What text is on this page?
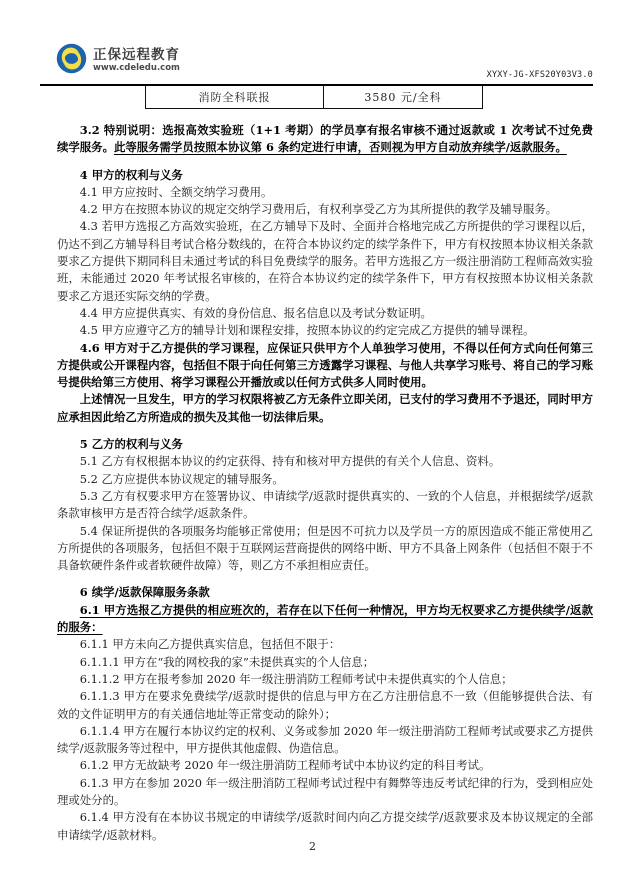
正保远程教育
www.cdeledu.com
XYXY-JG-XFS20Y03V3.0
消防全科联报	3580 元/全科

3.2 特别说明：选报高效实验班（1+1 考期）的学员享有报名审核不通过返款或 1 次考试不过免费续学服务。此等服务需学员按照本协议第 6 条约定进行申请，否则视为甲方自动放弃续学/返款服务。

4 甲方的权利与义务

4.1 甲方应按时、全额交纳学习费用。

4.2 甲方在按照本协议的规定交纳学习费用后，有权利享受乙方为其所提供的教学及辅导服务。

4.3 若甲方选报乙方高效实验班，在乙方辅导下及时、全面并合格地完成乙方所提供的学习课程以后，仍达不到乙方辅导科目考试合格分数线的，在符合本协议约定的续学条件下，甲方有权按照本协议相关条款要求乙方提供下期同科目未通过考试的科目免费续学的服务。若甲方选报乙方一级注册消防工程师高效实验班，未能通过 2020 年考试报名审核的，在符合本协议约定的续学条件下，甲方有权按照本协议相关条款要求乙方退还实际交纳的学费。

4.4 甲方应提供真实、有效的身份信息、报名信息以及考试分数证明。

4.5 甲方应遵守乙方的辅导计划和课程安排，按照本协议的约定完成乙方提供的辅导课程。

4.6 甲方对于乙方提供的学习课程，应保证只供甲方个人单独学习使用，不得以任何方式向任何第三方提供或公开课程内容，包括但不限于向任何第三方透露学习课程、与他人共享学习账号、将自己的学习账号提供给第三方使用、将学习课程公开播放或以任何方式供多人同时使用。

上述情况一旦发生，甲方的学习权限将被乙方无条件立即关闭，已支付的学习费用不予退还，同时甲方应承担因此给乙方所造成的损失及其他一切法律后果。

5 乙方的权利与义务

5.1 乙方有权根据本协议的约定获得、持有和核对甲方提供的有关个人信息、资料。

5.2 乙方应提供本协议规定的辅导服务。

5.3 乙方有权要求甲方在签署协议、申请续学/返款时提供真实的、一致的个人信息，并根据续学/返款条款审核甲方是否符合续学/返款条件。

5.4 保证所提供的各项服务均能够正常使用；但是因不可抗力以及学员一方的原因造成不能正常使用乙方所提供的各项服务，包括但不限于互联网运营商提供的网络中断、甲方不具备上网条件（包括但不限于不具备软硬件条件或者软硬件故障）等，则乙方不承担相应责任。

6 续学/返款保障服务条款

6.1 甲方选报乙方提供的相应班次的，若存在以下任何一种情况，甲方均无权要求乙方提供续学/返款的服务：

6.1.1 甲方未向乙方提供真实信息，包括但不限于：

6.1.1.1 甲方在“我的网校我的家”未提供真实的个人信息；

6.1.1.2 甲方在报考参加 2020 年一级注册消防工程师考试中未提供真实的个人信息；

6.1.1.3 甲方在要求免费续学/返款时提供的信息与甲方在乙方注册信息不一致（但能够提供合法、有效的文件证明甲方的有关通信地址等正常变动的除外）；

6.1.1.4 甲方在履行本协议约定的权利、义务或参加 2020 年一级注册消防工程师考试或要求乙方提供续学/返款服务等过程中，甲方提供其他虚假、伪造信息。

6.1.2 甲方无故缺考 2020 年一级注册消防工程师考试中本协议约定的科目考试。

6.1.3 甲方在参加 2020 年一级注册消防工程师考试过程中有舞弊等违反考试纪律的行为，受到相应处理或处分的。

6.1.4 甲方没有在本协议书规定的申请续学/返款时间内向乙方提交续学/返款要求及本协议规定的全部申请续学/返款材料。

2
